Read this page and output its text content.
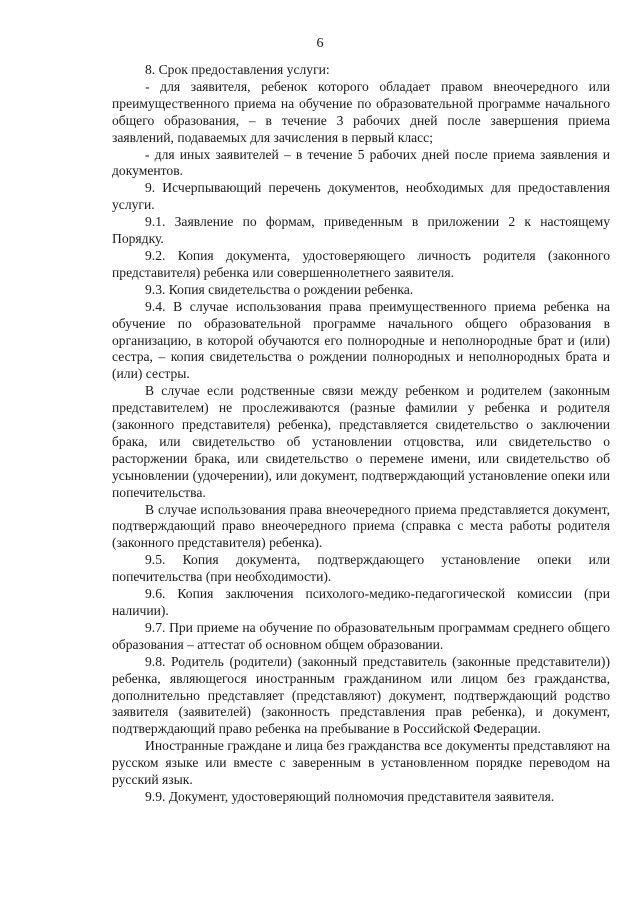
6

8. Срок предоставления услуги:

- для заявителя, ребенок которого обладает правом внеочередного или преимущественного приема на обучение по образовательной программе начального общего образования, – в течение 3 рабочих дней после завершения приема заявлений, подаваемых для зачисления в первый класс;

- для иных заявителей – в течение 5 рабочих дней после приема заявления и документов.

9. Исчерпывающий перечень документов, необходимых для предоставления услуги.

9.1. Заявление по формам, приведенным в приложении 2 к настоящему Порядку.

9.2. Копия документа, удостоверяющего личность родителя (законного представителя) ребенка или совершеннолетнего заявителя.

9.3. Копия свидетельства о рождении ребенка.

9.4. В случае использования права преимущественного приема ребенка на обучение по образовательной программе начального общего образования в организацию, в которой обучаются его полнородные и неполнородные брат и (или) сестра, – копия свидетельства о рождении полнородных и неполнородных брата и (или) сестры.

В случае если родственные связи между ребенком и родителем (законным представителем) не прослеживаются (разные фамилии у ребенка и родителя (законного представителя) ребенка), представляется свидетельство о заключении брака, или свидетельство об установлении отцовства, или свидетельство о расторжении брака, или свидетельство о перемене имени, или свидетельство об усыновлении (удочерении), или документ, подтверждающий установление опеки или попечительства.

В случае использования права внеочередного приема представляется документ, подтверждающий право внеочередного приема (справка с места работы родителя (законного представителя) ребенка).

9.5. Копия документа, подтверждающего установление опеки или попечительства (при необходимости).

9.6. Копия заключения психолого-медико-педагогической комиссии (при наличии).

9.7. При приеме на обучение по образовательным программам среднего общего образования – аттестат об основном общем образовании.

9.8. Родитель (родители) (законный представитель (законные представители)) ребенка, являющегося иностранным гражданином или лицом без гражданства, дополнительно представляет (представляют) документ, подтверждающий родство заявителя (заявителей) (законность представления прав ребенка), и документ, подтверждающий право ребенка на пребывание в Российской Федерации.

Иностранные граждане и лица без гражданства все документы представляют на русском языке или вместе с заверенным в установленном порядке переводом на русский язык.

9.9. Документ, удостоверяющий полномочия представителя заявителя.
